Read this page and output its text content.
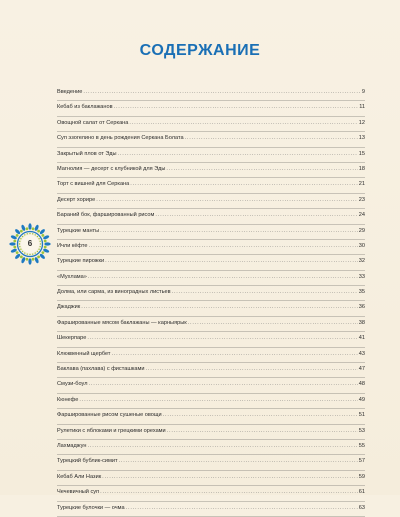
СОДЕРЖАНИЕ
6
Введение .....	9
Кебаб из баклажанов .....	11
Овощной салат от Серкана .....	12
Суп эзогелино в день рождения Серкана Болата .....	13
Закрытый плов от Эды .....	15
Магнолия — десерт с клубникой для Эды .....	18
Торт с вишней для Серкана .....	21
Десерт хорире .....	23
Бараний бок, фаршированный рисом .....	24
Турецкие манты .....	29
Ичли кёфте .....	30
Турецкие пирожки .....	32
«Мухлама» .....	33
Долма, или сарма, из виноградных листьев .....	35
Джаджик .....	36
Фаршированные мясом баклажаны — карныярык .....	38
Шекерпаре .....	41
Клюквенный щербет .....	43
Баклава (пахлава) с фисташками .....	47
Смузи-боул .....	48
Кюнефе .....	49
Фаршированные рисом сушеные овощи .....	51
Рулетики с яблоками и грецкими орехами .....	53
Лахмаджун .....	55
Турецкий бублик-симит .....	57
Кебаб Али Назик .....	59
Чечевичный суп .....	61
Турецкие булочки — очма .....	63
